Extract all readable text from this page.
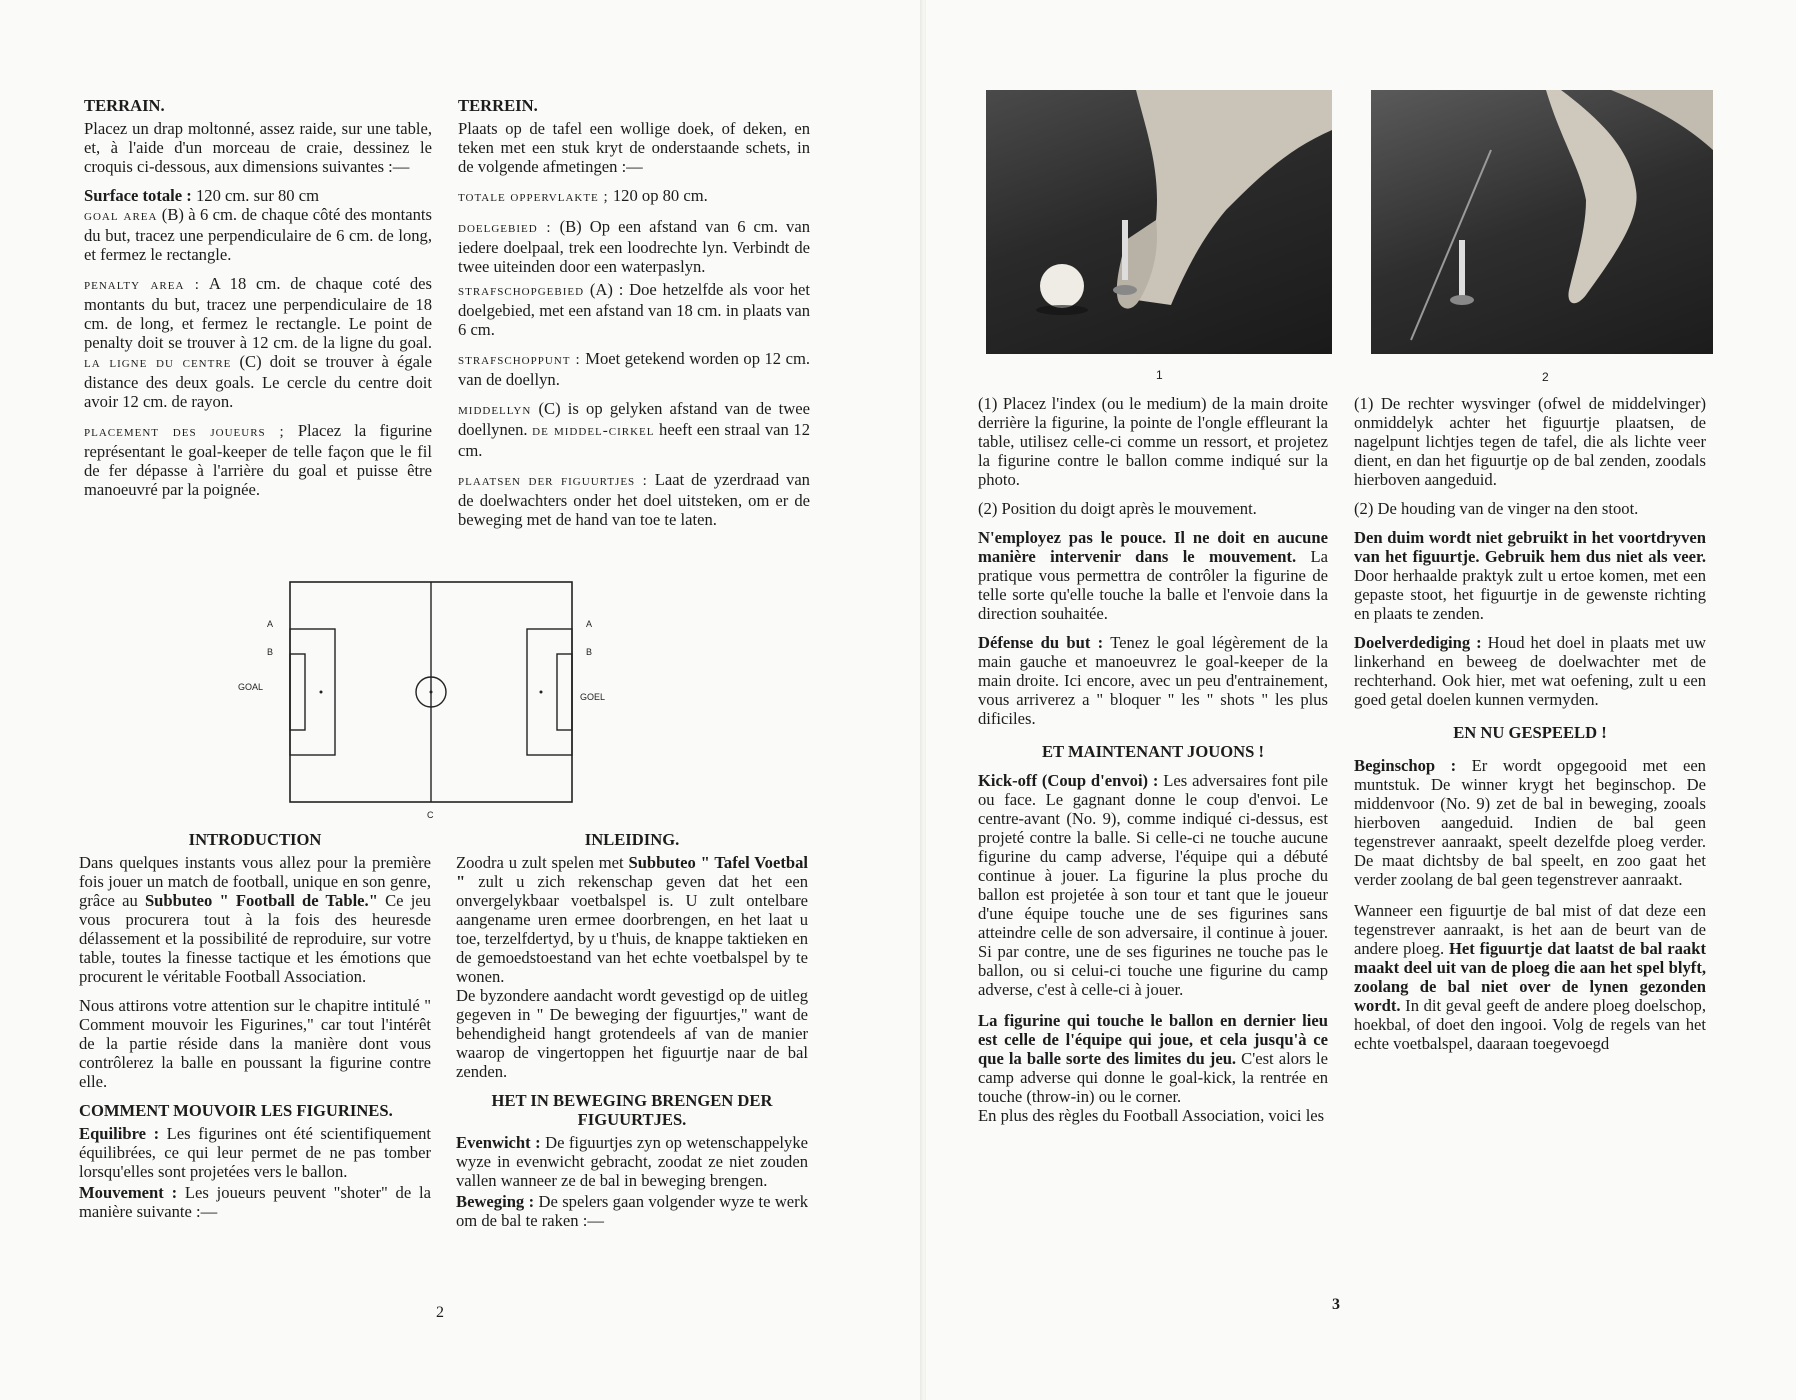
TERRAIN.

Placez un drap moltonné, assez raide, sur une table, et, à l'aide d'un morceau de craie, dessinez le croquis ci-dessous, aux dimensions suivantes :—

Surface totale : 120 cm. sur 80 cm

goal area (B) à 6 cm. de chaque côté des montants du but, tracez une perpendiculaire de 6 cm. de long, et fermez le rectangle.

penalty area : A 18 cm. de chaque coté des montants du but, tracez une perpendiculaire de 18 cm. de long, et fermez le rectangle. Le point de penalty doit se trouver à 12 cm. de la ligne du goal. la ligne du centre (C) doit se trouver à égale distance des deux goals. Le cercle du centre doit avoir 12 cm. de rayon.

placement des joueurs ; Placez la figurine représentant le goal-keeper de telle façon que le fil de fer dépasse à l'arrière du goal et puisse être manoeuvré par la poignée.

TERREIN.

Plaats op de tafel een wollige doek, of deken, en teken met een stuk kryt de onderstaande schets, in de volgende afmetingen :—

totale oppervlakte ; 120 op 80 cm.

doelgebied : (B) Op een afstand van 6 cm. van iedere doelpaal, trek een loodrechte lyn. Verbindt de twee uiteinden door een waterpaslyn.

strafschopgebied (A) : Doe hetzelfde als voor het doelgebied, met een afstand van 18 cm. in plaats van 6 cm.

strafschoppunt : Moet getekend worden op 12 cm. van de doellyn.

middellyn (C) is op gelyken afstand van de twee doellynen. de middel-cirkel heeft een straal van 12 cm.

plaatsen der figuurtjes : Laat de yzerdraad van de doelwachters onder het doel uitsteken, om er de beweging met de hand van toe te laten.

A
B
GOAL
A
B
GOEL
C
INTRODUCTION

Dans quelques instants vous allez pour la première fois jouer un match de football, unique en son genre, grâce au Subbuteo " Football de Table." Ce jeu vous procurera tout à la fois des heuresde délassement et la possibilité de reproduire, sur votre table, toutes la finesse tactique et les émotions que procurent le véritable Football Association.

Nous attirons votre attention sur le chapitre intitulé " Comment mouvoir les Figurines," car tout l'intérêt de la partie réside dans la manière dont vous contrôlerez la balle en poussant la figurine contre elle.

COMMENT MOUVOIR LES FIGURINES.

Equilibre : Les figurines ont été scientifiquement équilibrées, ce qui leur permet de ne pas tomber lorsqu'elles sont projetées vers le ballon.

Mouvement : Les joueurs peuvent "shoter" de la manière suivante :—

INLEIDING.

Zoodra u zult spelen met Subbuteo " Tafel Voetbal " zult u zich rekenschap geven dat het een onvergelykbaar voetbalspel is. U zult ontelbare aangename uren ermee doorbrengen, en het laat u toe, terzelfdertyd, by u t'huis, de knappe taktieken en de gemoedstoestand van het echte voetbalspel by te wonen.

De byzondere aandacht wordt gevestigd op de uitleg gegeven in " De beweging der figuurtjes," want de behendigheid hangt grotendeels af van de manier waarop de vingertoppen het figuurtje naar de bal zenden.

HET IN BEWEGING BRENGEN DER FIGUURTJES.

Evenwicht : De figuurtjes zyn op wetenschappelyke wyze in evenwicht gebracht, zoodat ze niet zouden vallen wanneer ze de bal in beweging brengen.

Beweging : De spelers gaan volgender wyze te werk om de bal te raken :—

2
1	2

(1) Placez l'index (ou le medium) de la main droite derrière la figurine, la pointe de l'ongle effleurant la table, utilisez celle-ci comme un ressort, et projetez la figurine contre le ballon comme indiqué sur la photo.

(2) Position du doigt après le mouvement.

N'employez pas le pouce. Il ne doit en aucune manière intervenir dans le mouvement. La pratique vous permettra de contrôler la figurine de telle sorte qu'elle touche la balle et l'envoie dans la direction souhaitée.

Défense du but : Tenez le goal légèrement de la main gauche et manoeuvrez le goal-keeper de la main droite. Ici encore, avec un peu d'entrainement, vous arriverez a " bloquer " les " shots " les plus dificiles.

ET MAINTENANT JOUONS !

Kick-off (Coup d'envoi) : Les adversaires font pile ou face. Le gagnant donne le coup d'envoi. Le centre-avant (No. 9), comme indiqué ci-dessus, est projeté contre la balle. Si celle-ci ne touche aucune figurine du camp adverse, l'équipe qui a débuté continue à jouer. La figurine la plus proche du ballon est projetée à son tour et tant que le joueur d'une équipe touche une de ses figurines sans atteindre celle de son adversaire, il continue à jouer. Si par contre, une de ses figurines ne touche pas le ballon, ou si celui-ci touche une figurine du camp adverse, c'est à celle-ci à jouer.

La figurine qui touche le ballon en dernier lieu est celle de l'équipe qui joue, et cela jusqu'à ce que la balle sorte des limites du jeu. C'est alors le camp adverse qui donne le goal-kick, la rentrée en touche (throw-in) ou le corner.

En plus des règles du Football Association, voici les

(1) De rechter wysvinger (ofwel de middelvinger) onmiddelyk achter het figuurtje plaatsen, de nagelpunt lichtjes tegen de tafel, die als lichte veer dient, en dan het figuurtje op de bal zenden, zoodals hierboven aangeduid.

(2) De houding van de vinger na den stoot.

Den duim wordt niet gebruikt in het voortdryven van het figuurtje. Gebruik hem dus niet als veer. Door herhaalde praktyk zult u ertoe komen, met een gepaste stoot, het figuurtje in de gewenste richting en plaats te zenden.

Doelverdediging : Houd het doel in plaats met uw linkerhand en beweeg de doelwachter met de rechterhand. Ook hier, met wat oefening, zult u een goed getal doelen kunnen vermyden.

EN NU GESPEELD !

Beginschop : Er wordt opgegooid met een muntstuk. De winner krygt het beginschop. De middenvoor (No. 9) zet de bal in beweging, zooals hierboven aangeduid. Indien de bal geen tegenstrever aanraakt, speelt dezelfde ploeg verder. De maat dichtsby de bal speelt, en zoo gaat het verder zoolang de bal geen tegenstrever aanraakt.

Wanneer een figuurtje de bal mist of dat deze een tegenstrever aanraakt, is het aan de beurt van de andere ploeg. Het figuurtje dat laatst de bal raakt maakt deel uit van de ploeg die aan het spel blyft, zoolang de bal niet over de lynen gezonden wordt. In dit geval geeft de andere ploeg doelschop, hoekbal, of doet den ingooi. Volg de regels van het echte voetbalspel, daaraan toegevoegd

3
